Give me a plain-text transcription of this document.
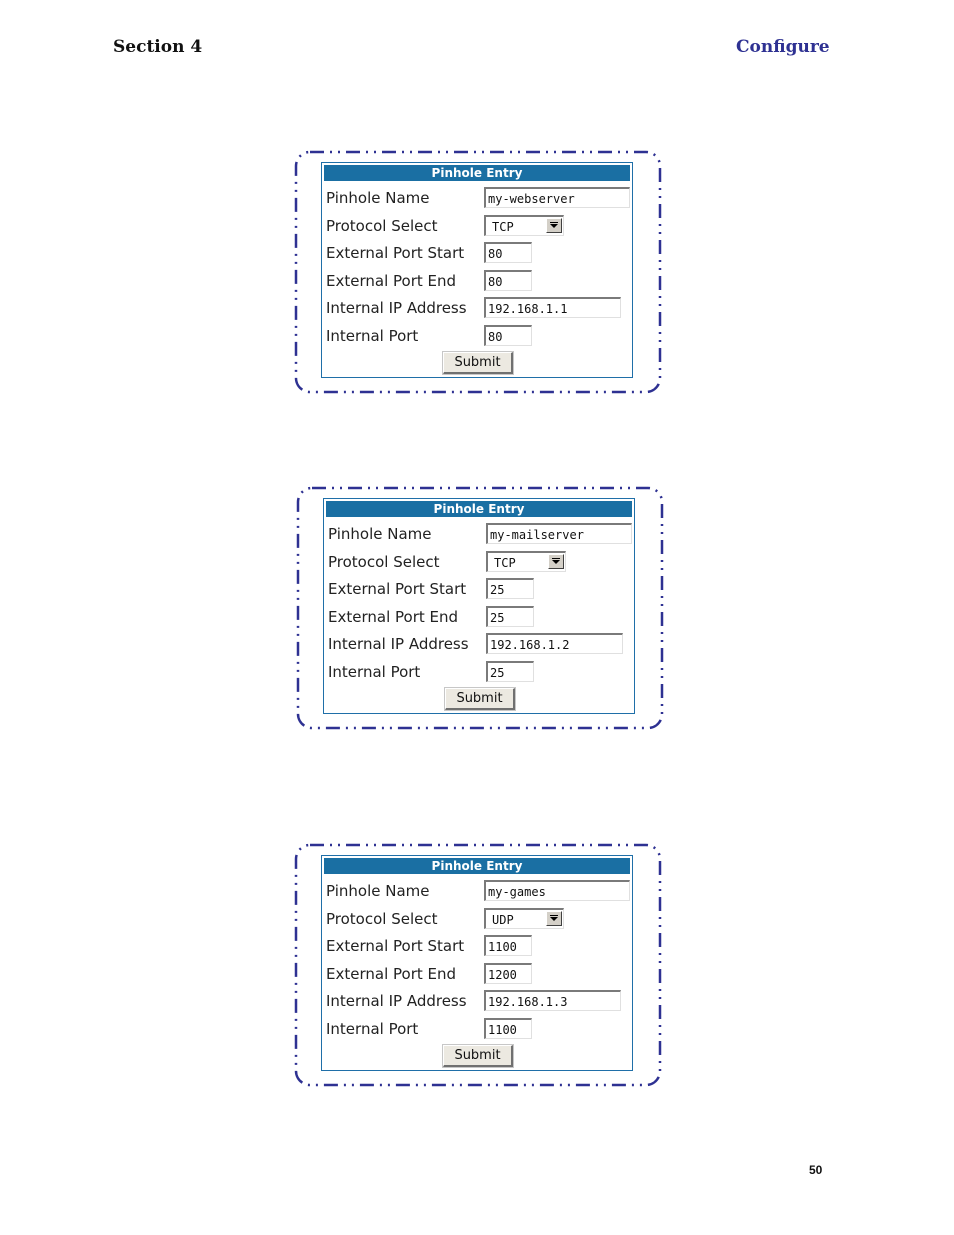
Section 4	Configure
Pinhole Entry
Pinhole Name	my-webserver
Protocol Select	TCP
External Port Start	80
External Port End	80
Internal IP Address	192.168.1.1
Internal Port	80
Submit
Pinhole Entry
Pinhole Name	my-mailserver
Protocol Select	TCP
External Port Start	25
External Port End	25
Internal IP Address	192.168.1.2
Internal Port	25
Submit
Pinhole Entry
Pinhole Name	my-games
Protocol Select	UDP
External Port Start	1100
External Port End	1200
Internal IP Address	192.168.1.3
Internal Port	1100
Submit
50
